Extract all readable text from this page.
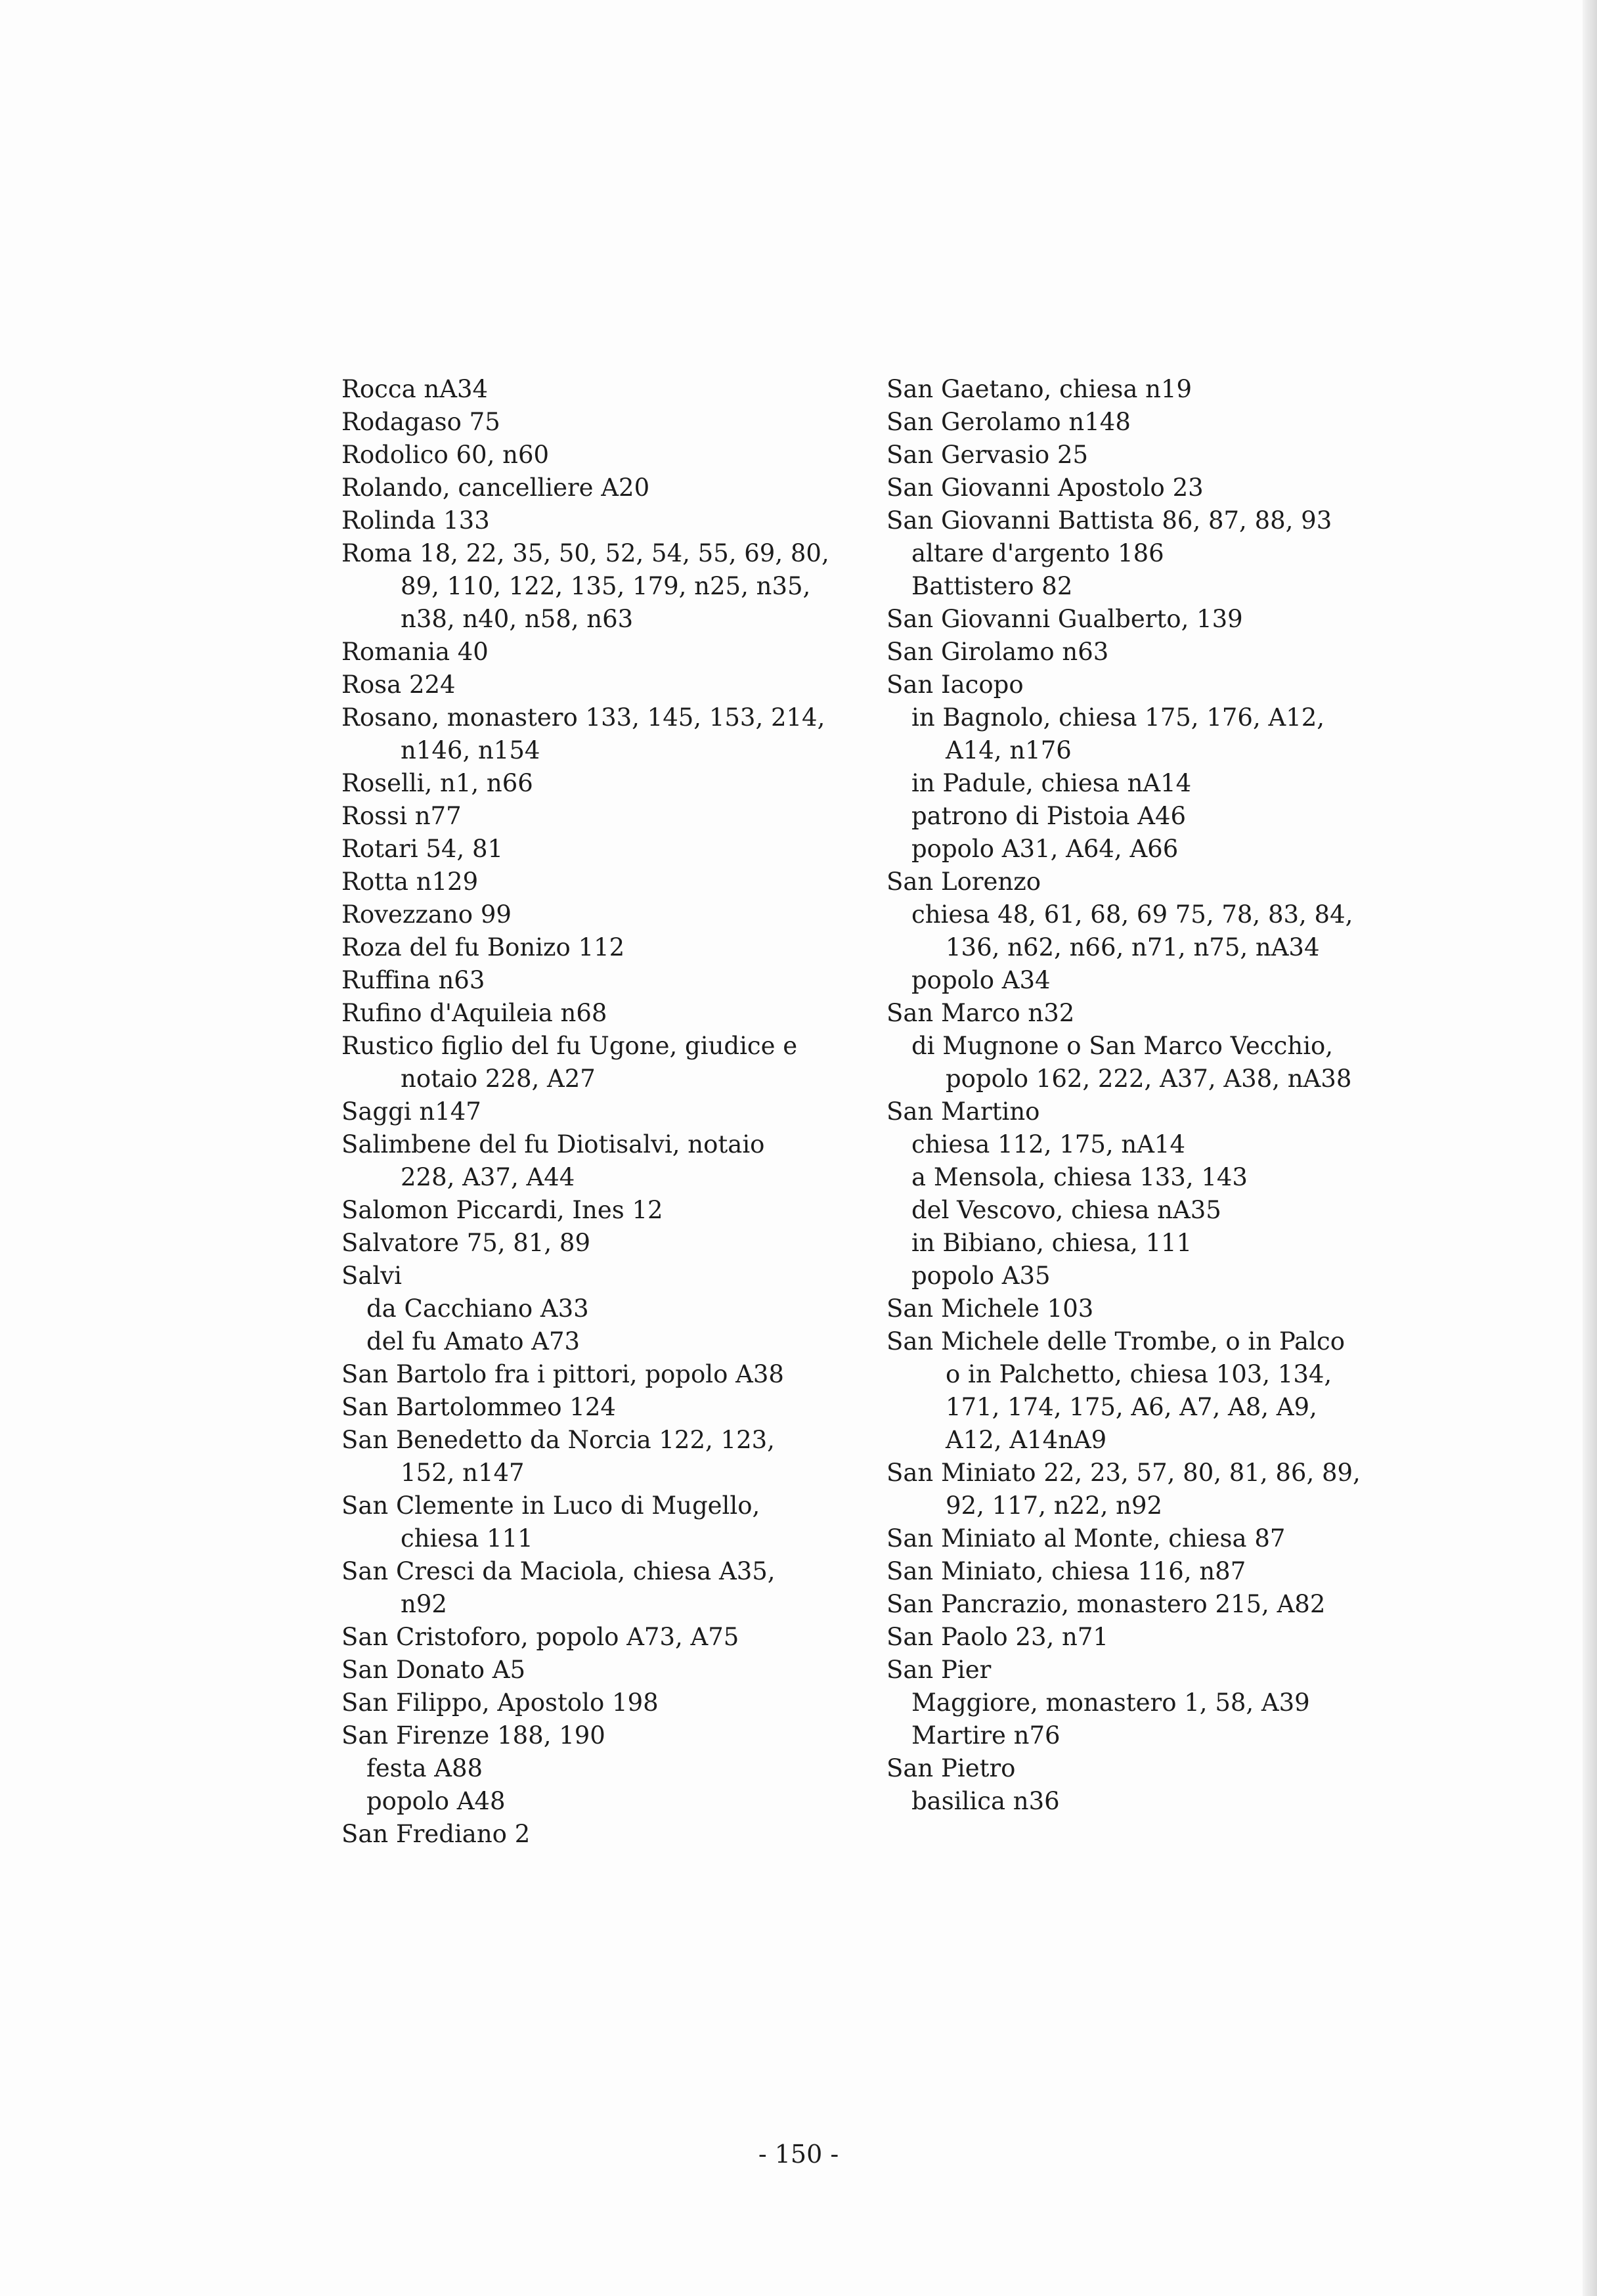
Rocca nA34
Rodagaso 75
Rodolico 60, n60
Rolando, cancelliere A20
Rolinda 133
Roma 18, 22, 35, 50, 52, 54, 55, 69, 80,
89, 110, 122, 135, 179, n25, n35,
n38, n40, n58, n63
Romania 40
Rosa 224
Rosano, monastero 133, 145, 153, 214,
n146, n154
Roselli, n1, n66
Rossi n77
Rotari 54, 81
Rotta n129
Rovezzano 99
Roza del fu Bonizo 112
Ruffina n63
Rufino d'Aquileia n68
Rustico figlio del fu Ugone, giudice e
notaio 228, A27
Saggi n147
Salimbene del fu Diotisalvi, notaio
228, A37, A44
Salomon Piccardi, Ines 12
Salvatore 75, 81, 89
Salvi
da Cacchiano A33
del fu Amato A73
San Bartolo fra i pittori, popolo A38
San Bartolommeo 124
San Benedetto da Norcia 122, 123,
152, n147
San Clemente in Luco di Mugello,
chiesa 111
San Cresci da Maciola, chiesa A35,
n92
San Cristoforo, popolo A73, A75
San Donato A5
San Filippo, Apostolo 198
San Firenze 188, 190
festa A88
popolo A48
San Frediano 2
San Gaetano, chiesa n19
San Gerolamo n148
San Gervasio 25
San Giovanni Apostolo 23
San Giovanni Battista 86, 87, 88, 93
altare d'argento 186
Battistero 82
San Giovanni Gualberto, 139
San Girolamo n63
San Iacopo
in Bagnolo, chiesa 175, 176, A12,
A14, n176
in Padule, chiesa nA14
patrono di Pistoia A46
popolo A31, A64, A66
San Lorenzo
chiesa 48, 61, 68, 69 75, 78, 83, 84,
136, n62, n66, n71, n75, nA34
popolo A34
San Marco n32
di Mugnone o San Marco Vecchio,
popolo 162, 222, A37, A38, nA38
San Martino
chiesa 112, 175, nA14
a Mensola, chiesa 133, 143
del Vescovo, chiesa nA35
in Bibiano, chiesa, 111
popolo A35
San Michele 103
San Michele delle Trombe, o in Palco
o in Palchetto, chiesa 103, 134,
171, 174, 175, A6, A7, A8, A9,
A12, A14nA9
San Miniato 22, 23, 57, 80, 81, 86, 89,
92, 117, n22, n92
San Miniato al Monte, chiesa 87
San Miniato, chiesa 116, n87
San Pancrazio, monastero 215, A82
San Paolo 23, n71
San Pier
Maggiore, monastero 1, 58, A39
Martire n76
San Pietro
basilica n36
- 150 -
